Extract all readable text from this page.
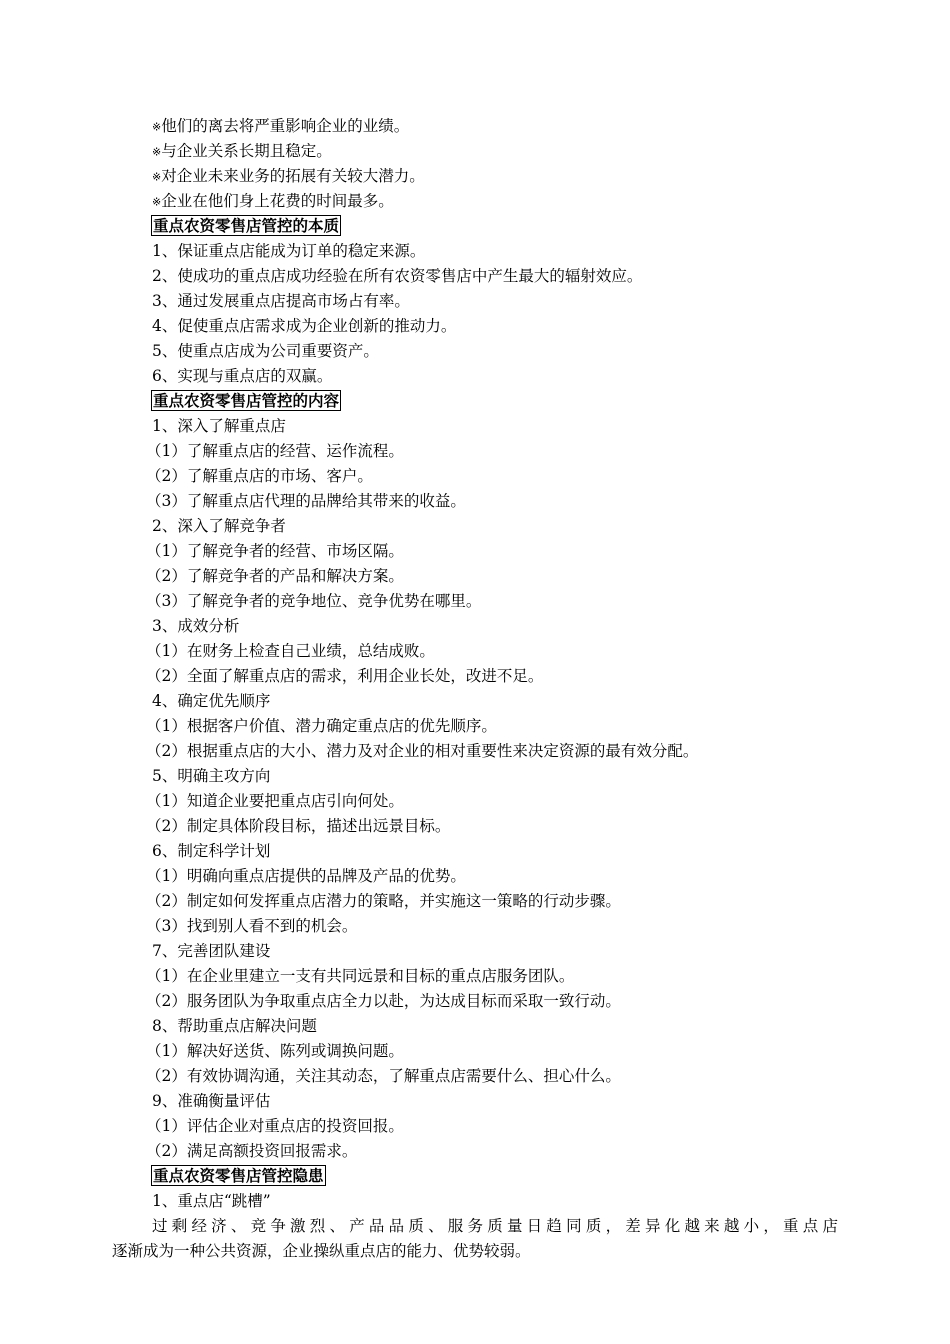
※他们的离去将严重影响企业的业绩。
※与企业关系长期且稳定。
※对企业未来业务的拓展有关较大潜力。
※企业在他们身上花费的时间最多。
重点农资零售店管控的本质
1、保证重点店能成为订单的稳定来源。
2、使成功的重点店成功经验在所有农资零售店中产生最大的辐射效应。
3、通过发展重点店提高市场占有率。
4、促使重点店需求成为企业创新的推动力。
5、使重点店成为公司重要资产。
6、实现与重点店的双赢。
重点农资零售店管控的内容
1、深入了解重点店
（1）了解重点店的经营、运作流程。
（2）了解重点店的市场、客户。
（3）了解重点店代理的品牌给其带来的收益。
2、深入了解竞争者
（1）了解竞争者的经营、市场区隔。
（2）了解竞争者的产品和解决方案。
（3）了解竞争者的竞争地位、竞争优势在哪里。
3、成效分析
（1）在财务上检查自己业绩，总结成败。
（2）全面了解重点店的需求，利用企业长处，改进不足。
4、确定优先顺序
（1）根据客户价值、潜力确定重点店的优先顺序。
（2）根据重点店的大小、潜力及对企业的相对重要性来决定资源的最有效分配。
5、明确主攻方向
（1）知道企业要把重点店引向何处。
（2）制定具体阶段目标，描述出远景目标。
6、制定科学计划
（1）明确向重点店提供的品牌及产品的优势。
（2）制定如何发挥重点店潜力的策略，并实施这一策略的行动步骤。
（3）找到别人看不到的机会。
7、完善团队建设
（1）在企业里建立一支有共同远景和目标的重点店服务团队。
（2）服务团队为争取重点店全力以赴，为达成目标而采取一致行动。
8、帮助重点店解决问题
（1）解决好送货、陈列或调换问题。
（2）有效协调沟通，关注其动态，了解重点店需要什么、担心什么。
9、准确衡量评估
（1）评估企业对重点店的投资回报。
（2）满足高额投资回报需求。
重点农资零售店管控隐患
1、重点店“跳槽”
过剩经济、竞争激烈、产品品质、服务质量日趋同质，差异化越来越小，重点店
逐渐成为一种公共资源，企业操纵重点店的能力、优势较弱。
